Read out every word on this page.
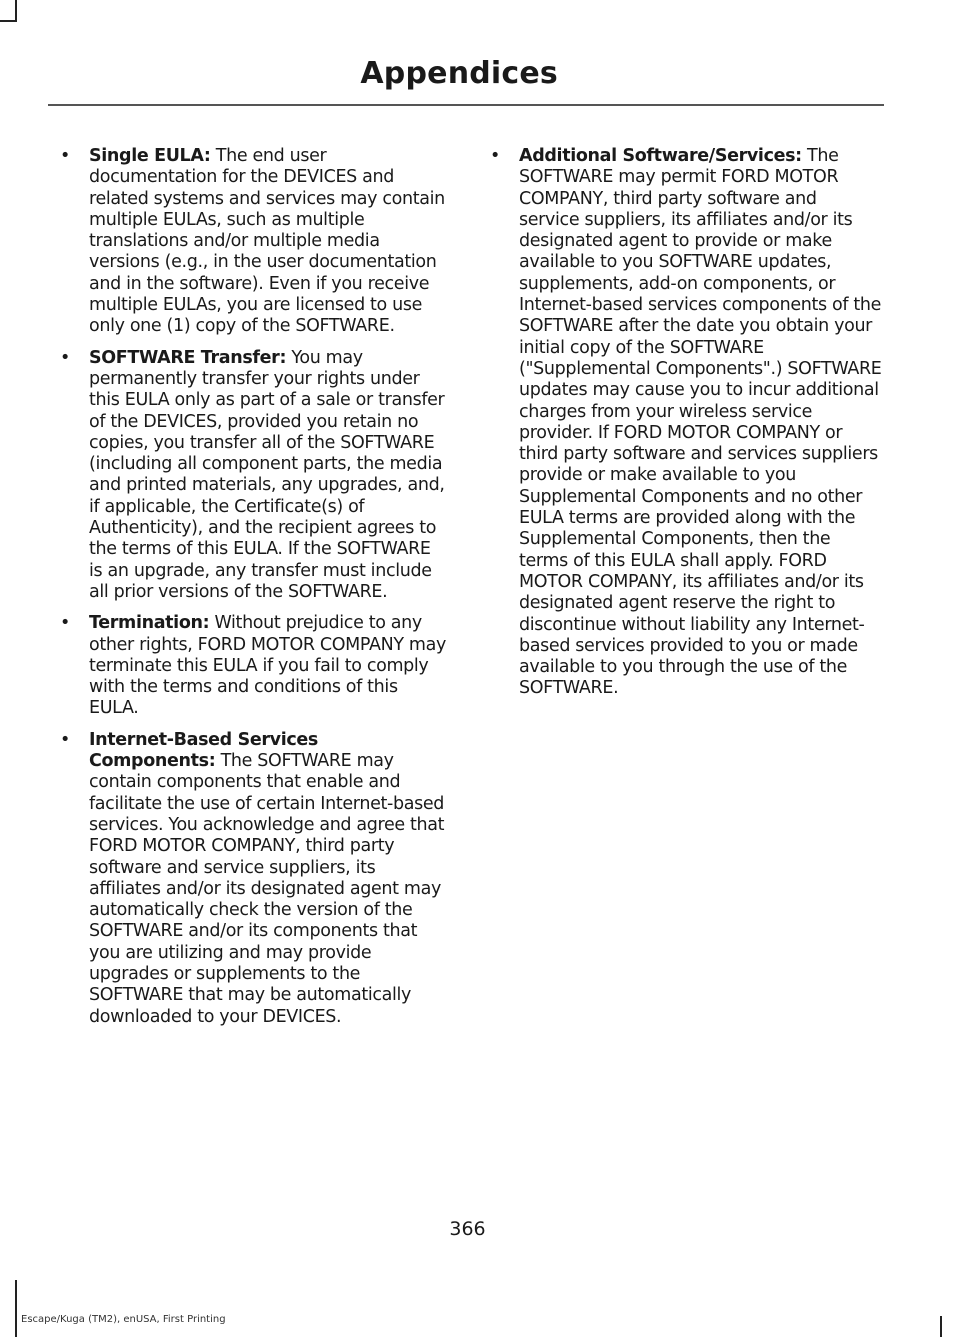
Appendices
• Single EULA: The end user documentation for the DEVICES and related systems and services may contain multiple EULAs, such as multiple translations and/or multiple media versions (e.g., in the user documentation and in the software). Even if you receive multiple EULAs, you are licensed to use only one (1) copy of the SOFTWARE.
• SOFTWARE Transfer: You may permanently transfer your rights under this EULA only as part of a sale or transfer of the DEVICES, provided you retain no copies, you transfer all of the SOFTWARE (including all component parts, the media and printed materials, any upgrades, and, if applicable, the Certificate(s) of Authenticity), and the recipient agrees to the terms of this EULA. If the SOFTWARE is an upgrade, any transfer must include all prior versions of the SOFTWARE.
• Termination: Without prejudice to any other rights, FORD MOTOR COMPANY may terminate this EULA if you fail to comply with the terms and conditions of this EULA.
• Internet-Based Services Components: The SOFTWARE may contain components that enable and facilitate the use of certain Internet-based services. You acknowledge and agree that FORD MOTOR COMPANY, third party software and service suppliers, its affiliates and/or its designated agent may automatically check the version of the SOFTWARE and/or its components that you are utilizing and may provide upgrades or supplements to the SOFTWARE that may be automatically downloaded to your DEVICES.
• Additional Software/Services: The SOFTWARE may permit FORD MOTOR COMPANY, third party software and service suppliers, its affiliates and/or its designated agent to provide or make available to you SOFTWARE updates, supplements, add-on components, or Internet-based services components of the SOFTWARE after the date you obtain your initial copy of the SOFTWARE ("Supplemental Components".) SOFTWARE updates may cause you to incur additional charges from your wireless service provider. If FORD MOTOR COMPANY or third party software and services suppliers provide or make available to you Supplemental Components and no other EULA terms are provided along with the Supplemental Components, then the terms of this EULA shall apply. FORD MOTOR COMPANY, its affiliates and/or its designated agent reserve the right to discontinue without liability any Internet-based services provided to you or made available to you through the use of the SOFTWARE.
366
Escape/Kuga (TM2), enUSA, First Printing
